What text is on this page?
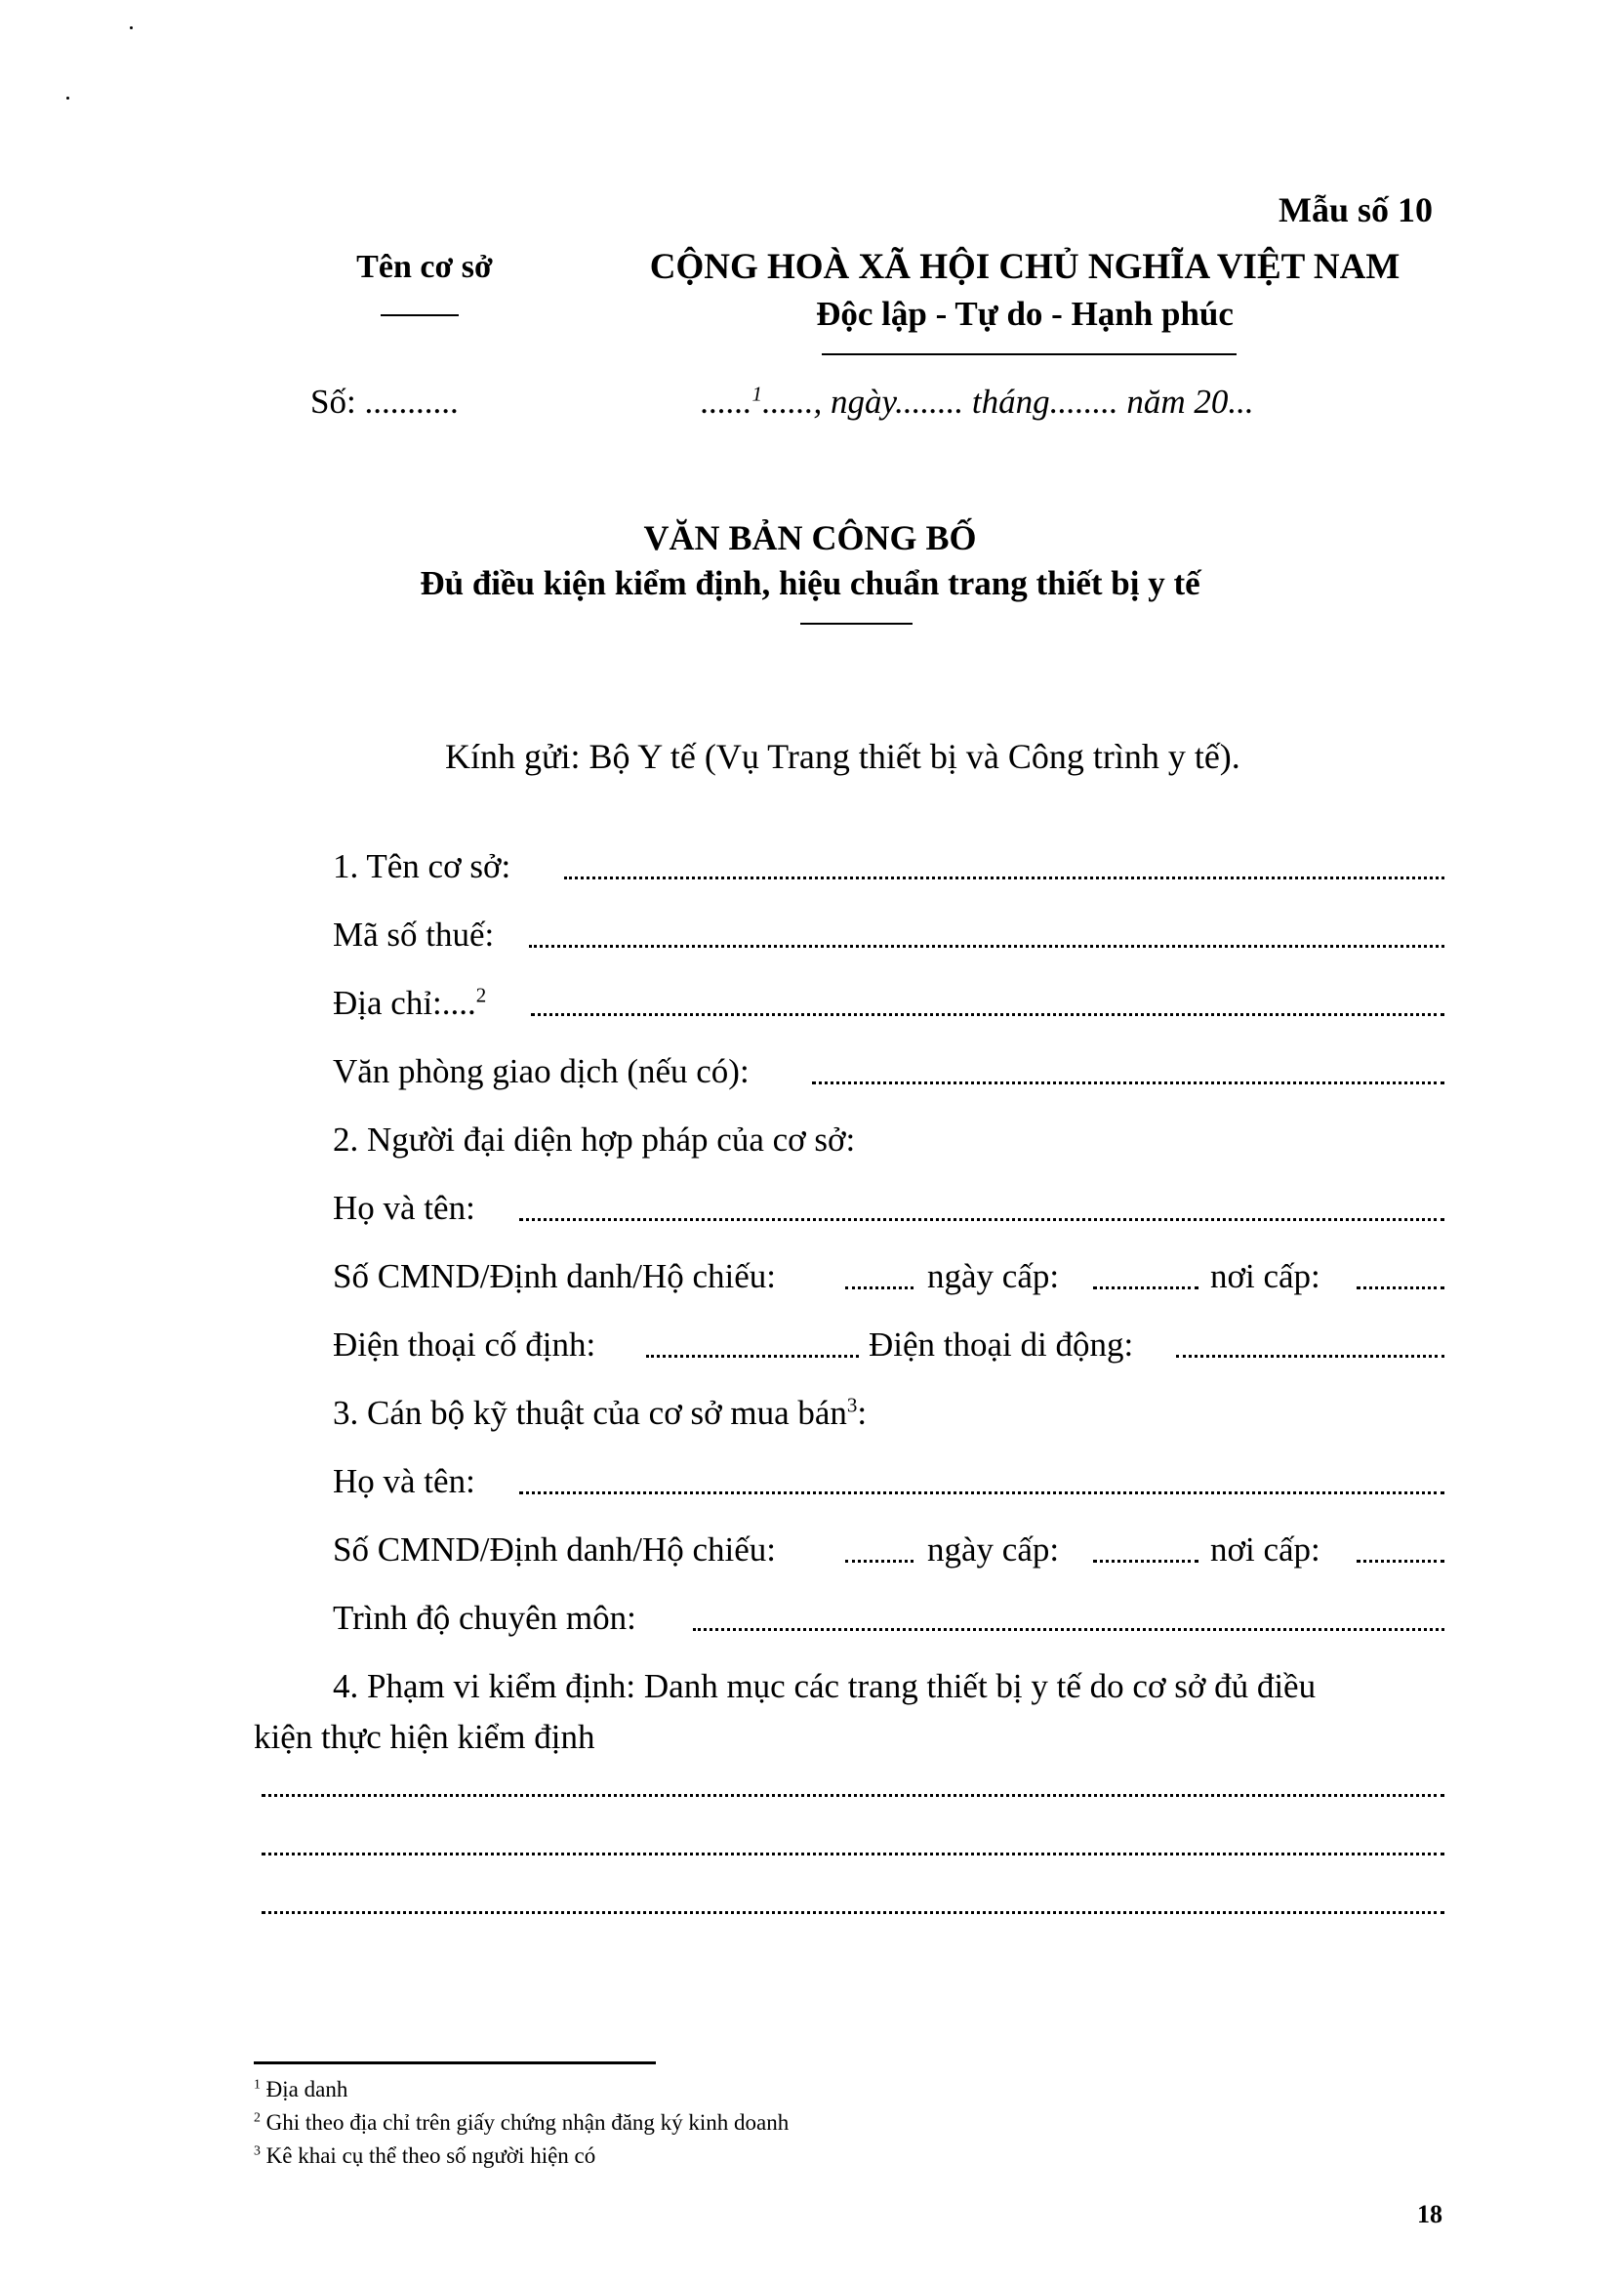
Mẫu số 10
Tên cơ sở	CỘNG HOÀ XÃ HỘI CHỦ NGHĨA VIỆT NAM
Độc lập - Tự do - Hạnh phúc
Số: ...........	......$^1$......, ngày........ tháng........ năm 20...
VĂN BẢN CÔNG BỐ
Đủ điều kiện kiểm định, hiệu chuẩn trang thiết bị y tế
Kính gửi: Bộ Y tế (Vụ Trang thiết bị và Công trình y tế).
1. Tên cơ sở:
Mã số thuế:
Địa chỉ:....$^2$
Văn phòng giao dịch (nếu có):
2. Người đại diện hợp pháp của cơ sở:
Họ và tên:
Số CMND/Định danh/Hộ chiếu:	ngày cấp:	nơi cấp:
Điện thoại cố định:	Điện thoại di động:
3. Cán bộ kỹ thuật của cơ sở mua bán$^3$:
Họ và tên:
Số CMND/Định danh/Hộ chiếu:	ngày cấp:	nơi cấp:
Trình độ chuyên môn:
4. Phạm vi kiểm định: Danh mục các trang thiết bị y tế do cơ sở đủ điều
kiện thực hiện kiểm định
$^1$ Địa danh
$^2$ Ghi theo địa chỉ trên giấy chứng nhận đăng ký kinh doanh
$^3$ Kê khai cụ thể theo số người hiện có
18
